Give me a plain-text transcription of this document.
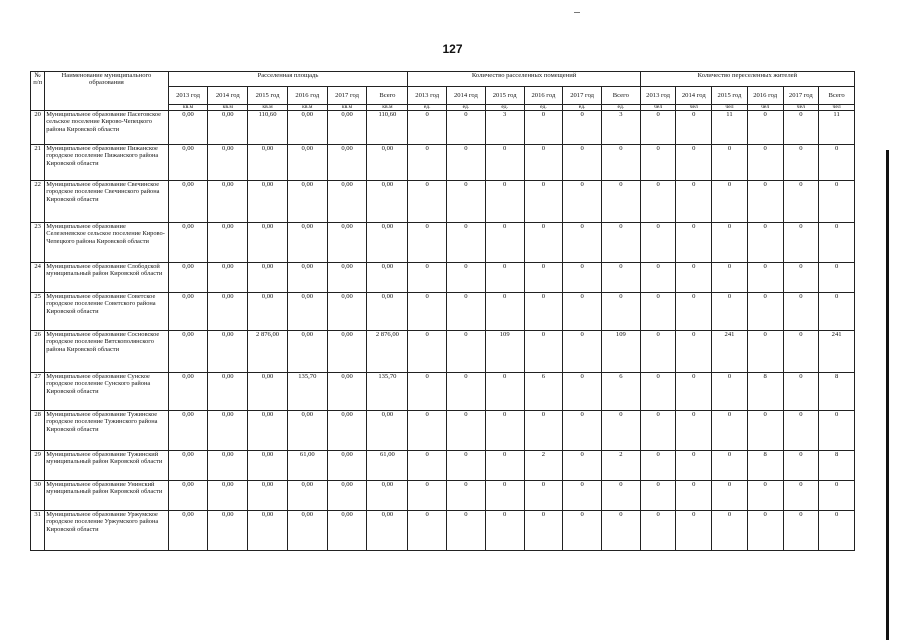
127
№ п/п	Наименование муниципального образования	Расселенная площадь						Количество расселенных помещений						Количество переселенных жителей					
		2013 год	2014 год	2015 год	2016 год	2017 год	Всего	2013 год	2014 год	2015 год	2016 год	2017 год	Всего	2013 год	2014 год	2015 год	2016 год	2017 год	Всего
		кв.м	кв.м	кв.м	кв.м	кв.м	кв.м	ед.	ед.	ед.	ед.	ед.	ед.	чел	чел	чел	чел	чел	чел
20	Муниципальное образование Пасеговское сельское поселение Кирово-Чепецкого района Кировской области	0,00	0,00	110,60	0,00	0,00	110,60	0	0	3	0	0	3	0	0	11	0	0	11
21	Муниципальное образование Пижанское городское поселение Пижанского района Кировской области	0,00	0,00	0,00	0,00	0,00	0,00	0	0	0	0	0	0	0	0	0	0	0	0
22	Муниципальное образование Свечинское городское поселение Свечинского района Кировской области	0,00	0,00	0,00	0,00	0,00	0,00	0	0	0	0	0	0	0	0	0	0	0	0
23	Муниципальное образование Селезеневское сельское поселение Кирово-Чепецкого района Кировской области	0,00	0,00	0,00	0,00	0,00	0,00	0	0	0	0	0	0	0	0	0	0	0	0
24	Муниципальное образование Слободской муниципальный район Кировской области	0,00	0,00	0,00	0,00	0,00	0,00	0	0	0	0	0	0	0	0	0	0	0	0
25	Муниципальное образование Советское городское поселение Советского района Кировской области	0,00	0,00	0,00	0,00	0,00	0,00	0	0	0	0	0	0	0	0	0	0	0	0
26	Муниципальное образование Сосновское городское поселение Вятскополянского района Кировской области	0,00	0,00	2 876,00	0,00	0,00	2 876,00	0	0	109	0	0	109	0	0	241	0	0	241
27	Муниципальное образование Сунское городское поселение Сунского района Кировской области	0,00	0,00	0,00	135,70	0,00	135,70	0	0	0	6	0	6	0	0	0	8	0	8
28	Муниципальное образование Тужинское городское поселение Тужинского района Кировской области	0,00	0,00	0,00	0,00	0,00	0,00	0	0	0	0	0	0	0	0	0	0	0	0
29	Муниципальное образование Тужинский муниципальный район Кировской области	0,00	0,00	0,00	61,00	0,00	61,00	0	0	0	2	0	2	0	0	0	8	0	8
30	Муниципальное образование Унинский муниципальный район Кировской области	0,00	0,00	0,00	0,00	0,00	0,00	0	0	0	0	0	0	0	0	0	0	0	0
31	Муниципальное образование Уржумское городское поселение Уржумского района Кировской области	0,00	0,00	0,00	0,00	0,00	0,00	0	0	0	0	0	0	0	0	0	0	0	0
